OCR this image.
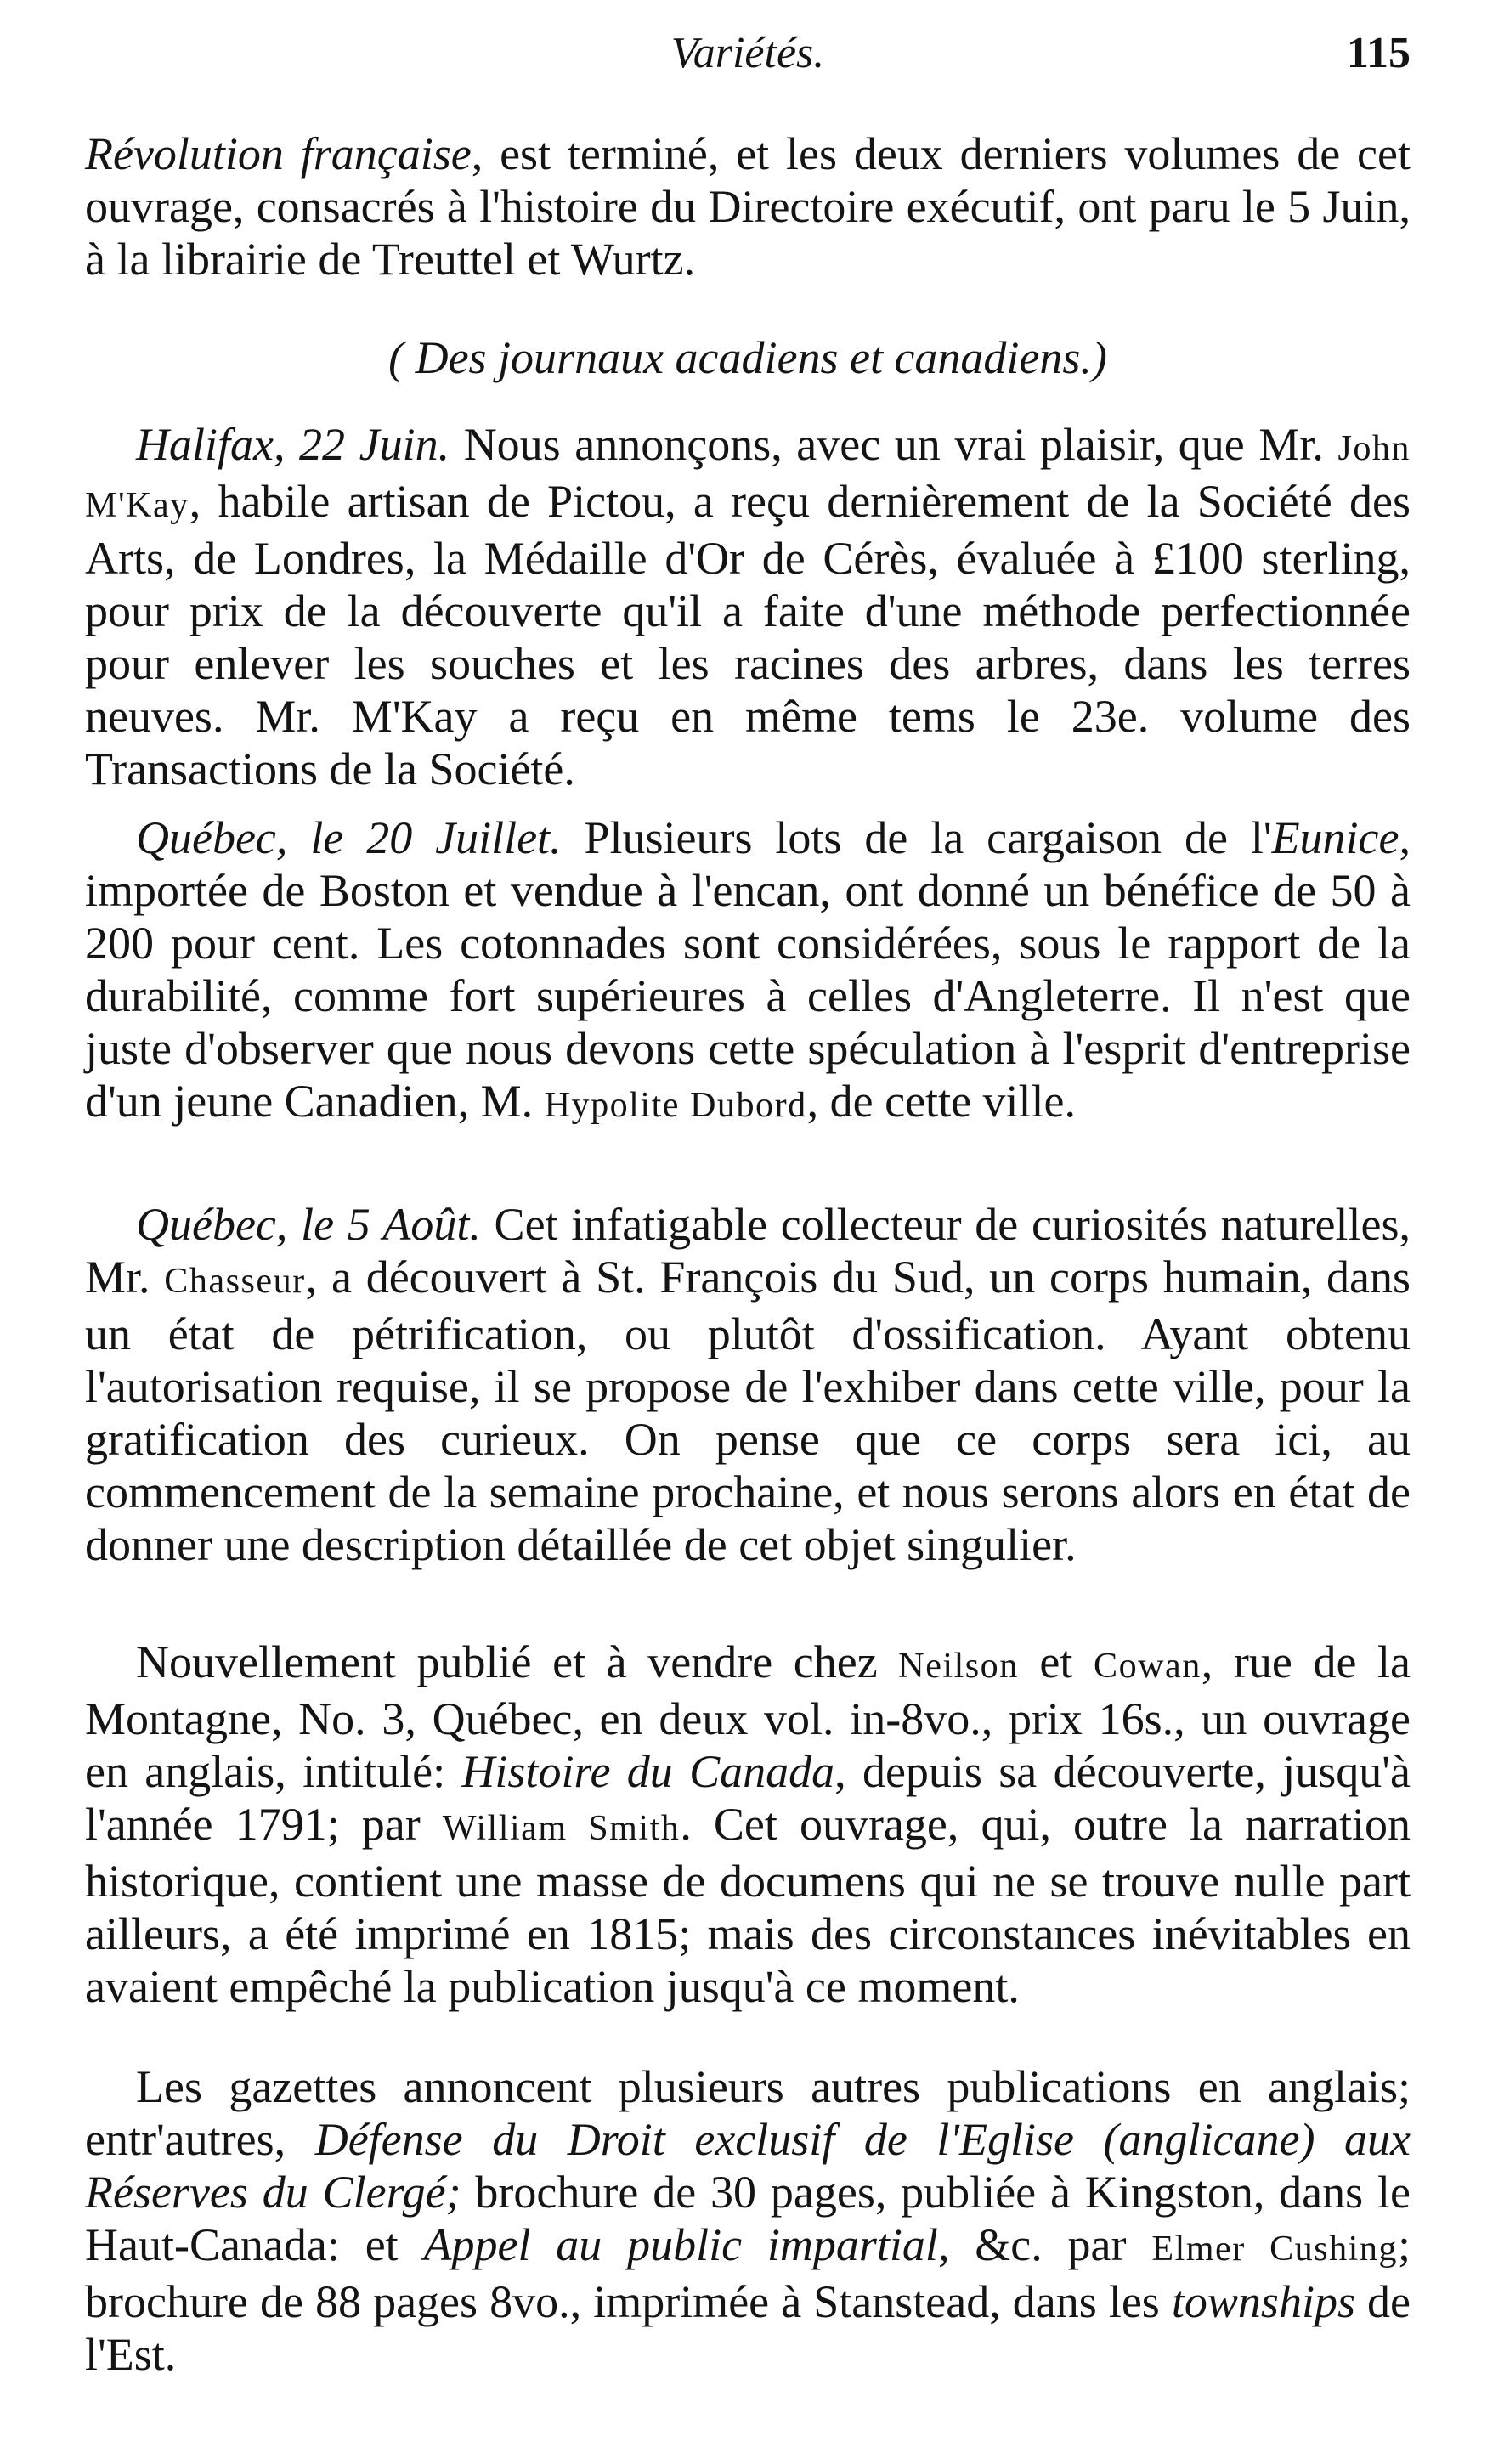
Variétés.	115

Révolution française, est terminé, et les deux derniers volumes de cet ouvrage, consacrés à l'histoire du Directoire exécutif, ont paru le 5 Juin, à la librairie de Treuttel et Wurtz.

( Des journaux acadiens et canadiens.)

Halifax, 22 Juin. Nous annonçons, avec un vrai plaisir, que Mr. John M'Kay, habile artisan de Pictou, a reçu dernièrement de la Société des Arts, de Londres, la Médaille d'Or de Cérès, évaluée à £100 sterling, pour prix de la découverte qu'il a faite d'une méthode perfectionnée pour enlever les souches et les racines des arbres, dans les terres neuves. Mr. M'Kay a reçu en même tems le 23e. volume des Transactions de la Société.

Québec, le 20 Juillet. Plusieurs lots de la cargaison de l'Eunice, importée de Boston et vendue à l'encan, ont donné un bénéfice de 50 à 200 pour cent. Les cotonnades sont considérées, sous le rapport de la durabilité, comme fort supérieures à celles d'Angleterre. Il n'est que juste d'observer que nous devons cette spéculation à l'esprit d'entreprise d'un jeune Canadien, M. Hypolite Dubord, de cette ville.

Québec, le 5 Août. Cet infatigable collecteur de curiosités naturelles, Mr. Chasseur, a découvert à St. François du Sud, un corps humain, dans un état de pétrification, ou plutôt d'ossification. Ayant obtenu l'autorisation requise, il se propose de l'exhiber dans cette ville, pour la gratification des curieux. On pense que ce corps sera ici, au commencement de la semaine prochaine, et nous serons alors en état de donner une description détaillée de cet objet singulier.

Nouvellement publié et à vendre chez Neilson et Cowan, rue de la Montagne, No. 3, Québec, en deux vol. in-8vo., prix 16s., un ouvrage en anglais, intitulé: Histoire du Canada, depuis sa découverte, jusqu'à l'année 1791; par William Smith. Cet ouvrage, qui, outre la narration historique, contient une masse de documens qui ne se trouve nulle part ailleurs, a été imprimé en 1815; mais des circonstances inévitables en avaient empêché la publication jusqu'à ce moment.

Les gazettes annoncent plusieurs autres publications en anglais; entr'autres, Défense du Droit exclusif de l'Eglise (anglicane) aux Réserves du Clergé; brochure de 30 pages, publiée à Kingston, dans le Haut-Canada: et Appel au public impartial, &c. par Elmer Cushing; brochure de 88 pages 8vo., imprimée à Stanstead, dans les townships de l'Est.
